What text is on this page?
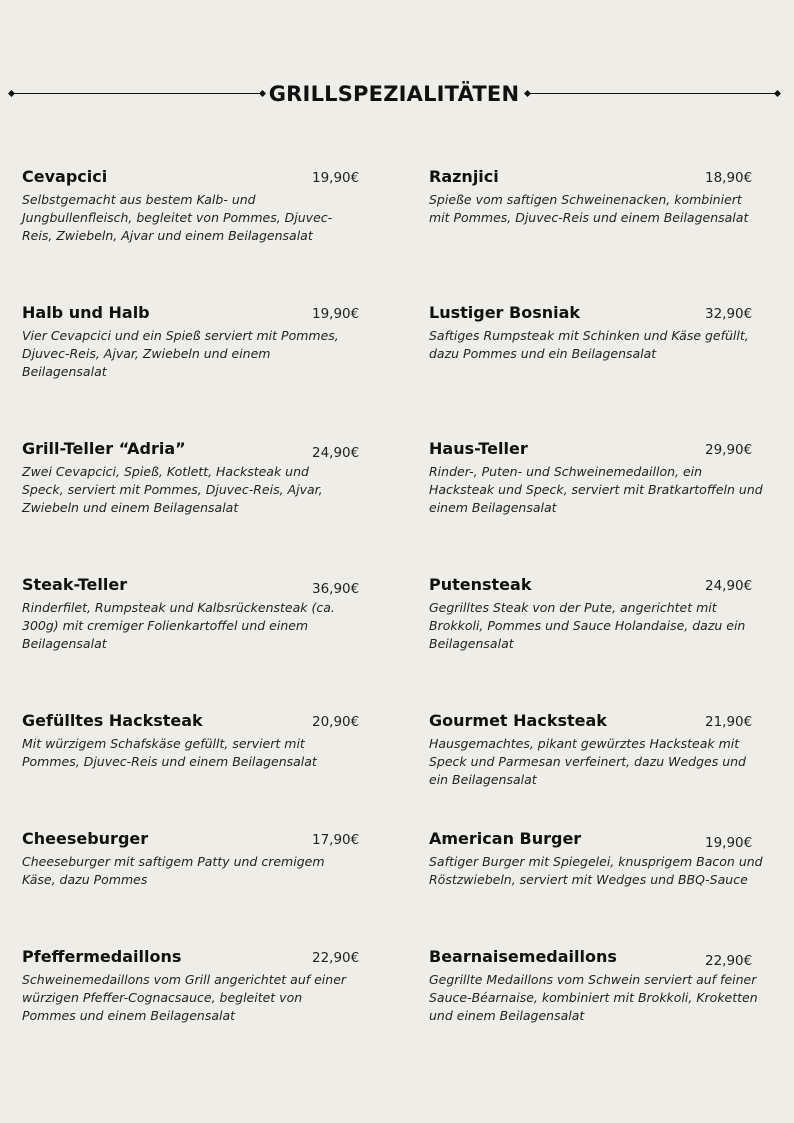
GRILLSPEZIALITÄTEN
Cevapcici	19,90€
Selbstgemacht aus bestem Kalb- und Jungbullenfleisch, begleitet von Pommes, Djuvec-Reis, Zwiebeln, Ajvar und einem Beilagensalat
Raznjici	18,90€
Spieße vom saftigen Schweinenacken, kombiniert mit Pommes, Djuvec-Reis und einem Beilagensalat
Halb und Halb	19,90€
Vier Cevapcici und ein Spieß serviert mit Pommes, Djuvec-Reis, Ajvar, Zwiebeln und einem Beilagensalat
Lustiger Bosniak	32,90€
Saftiges Rumpsteak mit Schinken und Käse gefüllt, dazu Pommes und ein Beilagensalat
Grill-Teller “Adria”	24,90€
Zwei Cevapcici, Spieß, Kotlett, Hacksteak und Speck, serviert mit Pommes, Djuvec-Reis, Ajvar, Zwiebeln und einem Beilagensalat
Haus-Teller	29,90€
Rinder-, Puten- und Schweinemedaillon, ein Hacksteak und Speck, serviert mit Bratkartoffeln und einem Beilagensalat
Steak-Teller	36,90€
Rinderfilet, Rumpsteak und Kalbsrückensteak (ca. 300g) mit cremiger Folienkartoffel und einem Beilagensalat
Putensteak	24,90€
Gegrilltes Steak von der Pute, angerichtet mit Brokkoli, Pommes und Sauce Holandaise, dazu ein Beilagensalat
Gefülltes Hacksteak	20,90€
Mit würzigem Schafskäse gefüllt, serviert mit Pommes, Djuvec-Reis und einem Beilagensalat
Gourmet Hacksteak	21,90€
Hausgemachtes, pikant gewürztes Hacksteak mit Speck und Parmesan verfeinert, dazu Wedges und ein Beilagensalat
Cheeseburger	17,90€
Cheeseburger mit saftigem Patty und cremigem Käse, dazu Pommes
American Burger	19,90€
Saftiger Burger mit Spiegelei, knusprigem Bacon und Röstzwiebeln, serviert mit Wedges und BBQ-Sauce
Pfeffermedaillons	22,90€
Schweinemedaillons vom Grill angerichtet auf einer würzigen Pfeffer-Cognacsauce, begleitet von Pommes und einem Beilagensalat
Bearnaisemedaillons	22,90€
Gegrillte Medaillons vom Schwein serviert auf feiner Sauce-Béarnaise, kombiniert mit Brokkoli, Kroketten und einem Beilagensalat
